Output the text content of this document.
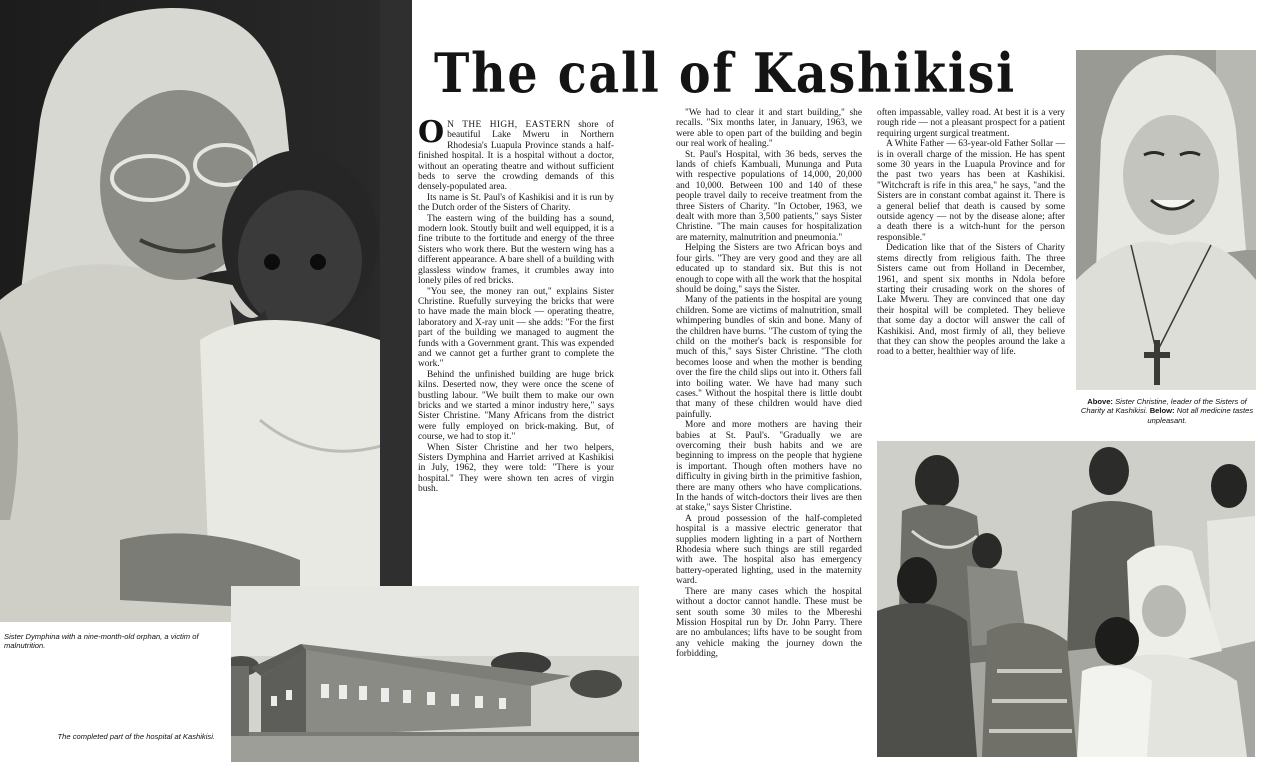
Sister Dymphina with a nine-month-old orphan, a victim of malnutrition.
The completed part of the hospital at Kashikisi.
The call of Kashikisi

O N THE HIGH, EASTERN shore of beautiful Lake Mweru in Northern Rhodesia's Luapula Province stands a half-finished hospital. It is a hospital without a doctor, without an operating theatre and without sufficient beds to serve the crowding demands of this densely-populated area.

Its name is St. Paul's of Kashikisi and it is run by the Dutch order of the Sisters of Charity.

The eastern wing of the building has a sound, modern look. Stoutly built and well equipped, it is a fine tribute to the fortitude and energy of the three Sisters who work there. But the western wing has a different appearance. A bare shell of a building with glassless window frames, it crumbles away into lonely piles of red bricks.

"You see, the money ran out," explains Sister Christine. Ruefully surveying the bricks that were to have made the main block — operating theatre, laboratory and X-ray unit — she adds: "For the first part of the building we managed to augment the funds with a Government grant. This was expended and we cannot get a further grant to complete the work."

Behind the unfinished building are huge brick kilns. Deserted now, they were once the scene of bustling labour. "We built them to make our own bricks and we started a minor industry here," says Sister Christine. "Many Africans from the district were fully employed on brick-making. But, of course, we had to stop it."

When Sister Christine and her two helpers, Sisters Dymphina and Harriet arrived at Kashikisi in July, 1962, they were told: "There is your hospital." They were shown ten acres of virgin bush.

"We had to clear it and start building," she recalls. "Six months later, in January, 1963, we were able to open part of the building and begin our real work of healing."

St. Paul's Hospital, with 36 beds, serves the lands of chiefs Kambuali, Mununga and Puta with respective populations of 14,000, 20,000 and 10,000. Between 100 and 140 of these people travel daily to receive treatment from the three Sisters of Charity. "In October, 1963, we dealt with more than 3,500 patients," says Sister Christine. "The main causes for hospitalization are maternity, malnutrition and pneumonia."

Helping the Sisters are two African boys and four girls. "They are very good and they are all educated up to standard six. But this is not enough to cope with all the work that the hospital should be doing," says the Sister.

Many of the patients in the hospital are young children. Some are victims of malnutrition, small whimpering bundles of skin and bone. Many of the children have burns. "The custom of tying the child on the mother's back is responsible for much of this," says Sister Christine. "The cloth becomes loose and when the mother is bending over the fire the child slips out into it. Others fall into boiling water. We have had many such cases." Without the hospital there is little doubt that many of these children would have died painfully.

More and more mothers are having their babies at St. Paul's. "Gradually we are overcoming their bush habits and we are beginning to impress on the people that hygiene is important. Though often mothers have no difficulty in giving birth in the primitive fashion, there are many others who have complications. In the hands of witch-doctors their lives are then at stake," says Sister Christine.

A proud possession of the half-completed hospital is a massive electric generator that supplies modern lighting in a part of Northern Rhodesia where such things are still regarded with awe. The hospital also has emergency battery-operated lighting, used in the maternity ward.

There are many cases which the hospital without a doctor cannot handle. These must be sent south some 30 miles to the Mbereshi Mission Hospital run by Dr. John Parry. There are no ambulances; lifts have to be sought from any vehicle making the journey down the forbidding,

often impassable, valley road. At best it is a very rough ride — not a pleasant prospect for a patient requiring urgent surgical treatment.

A White Father — 63-year-old Father Sollar — is in overall charge of the mission. He has spent some 30 years in the Luapula Province and for the past two years has been at Kashikisi. "Witchcraft is rife in this area," he says, "and the Sisters are in constant combat against it. There is a general belief that death is caused by some outside agency — not by the disease alone; after a death there is a witch-hunt for the person responsible."

Dedication like that of the Sisters of Charity stems directly from religious faith. The three Sisters came out from Holland in December, 1961, and spent six months in Ndola before starting their crusading work on the shores of Lake Mweru. They are convinced that one day their hospital will be completed. They believe that some day a doctor will answer the call of Kashikisi. And, most firmly of all, they believe that they can show the peoples around the lake a road to a better, healthier way of life.

Above: Sister Christine, leader of the Sisters of Charity at Kashikisi. Below: Not all medicine tastes unpleasant.
